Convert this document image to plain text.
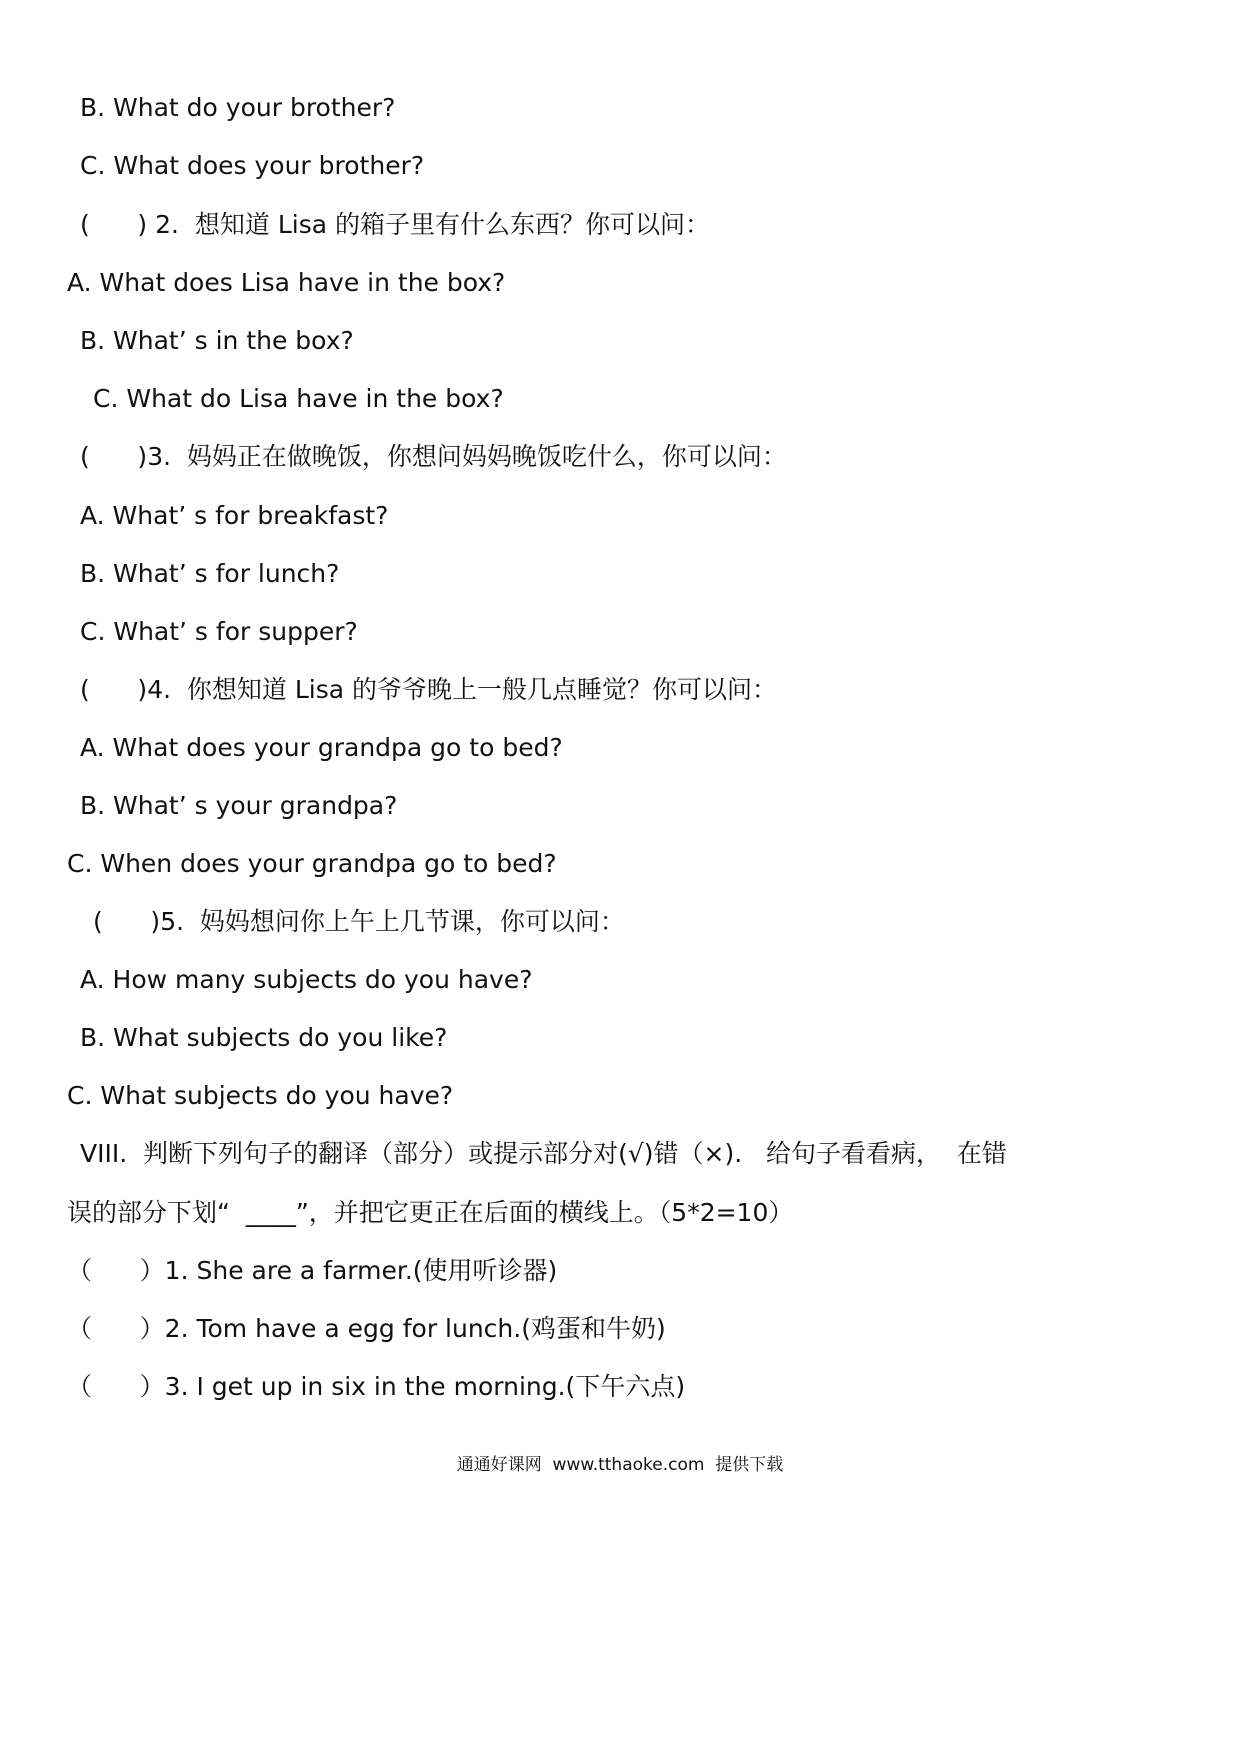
B. What do your brother?
C. What does your brother?
(      ) 2.  想知道 Lisa 的箱子里有什么东西？你可以问：
A. What does Lisa have in the box?
B. What’ s in the box?
C. What do Lisa have in the box?
(      )3.  妈妈正在做晚饭，你想问妈妈晚饭吃什么，你可以问：
A. What’ s for breakfast?
B. What’ s for lunch?
C. What’ s for supper?
(      )4.  你想知道 Lisa 的爷爷晚上一般几点睡觉？你可以问：
A. What does your grandpa go to bed?
B. What’ s your grandpa?
C. When does your grandpa go to bed?
(      )5.  妈妈想问你上午上几节课，你可以问：
A. How many subjects do you have?
B. What subjects do you like?
C. What subjects do you have?
VIII.  判断下列句子的翻译（部分）或提示部分对(√)错（×).   给句子看看病，  在错
误的部分下划“  ____”，并把它更正在后面的横线上。（5*2=10）
（      ）1. She are a farmer.(使用听诊器)
（      ）2. Tom have a egg for lunch.(鸡蛋和牛奶)
（      ）3. I get up in six in the morning.(下午六点)
通通好课网  www.tthaoke.com  提供下载
